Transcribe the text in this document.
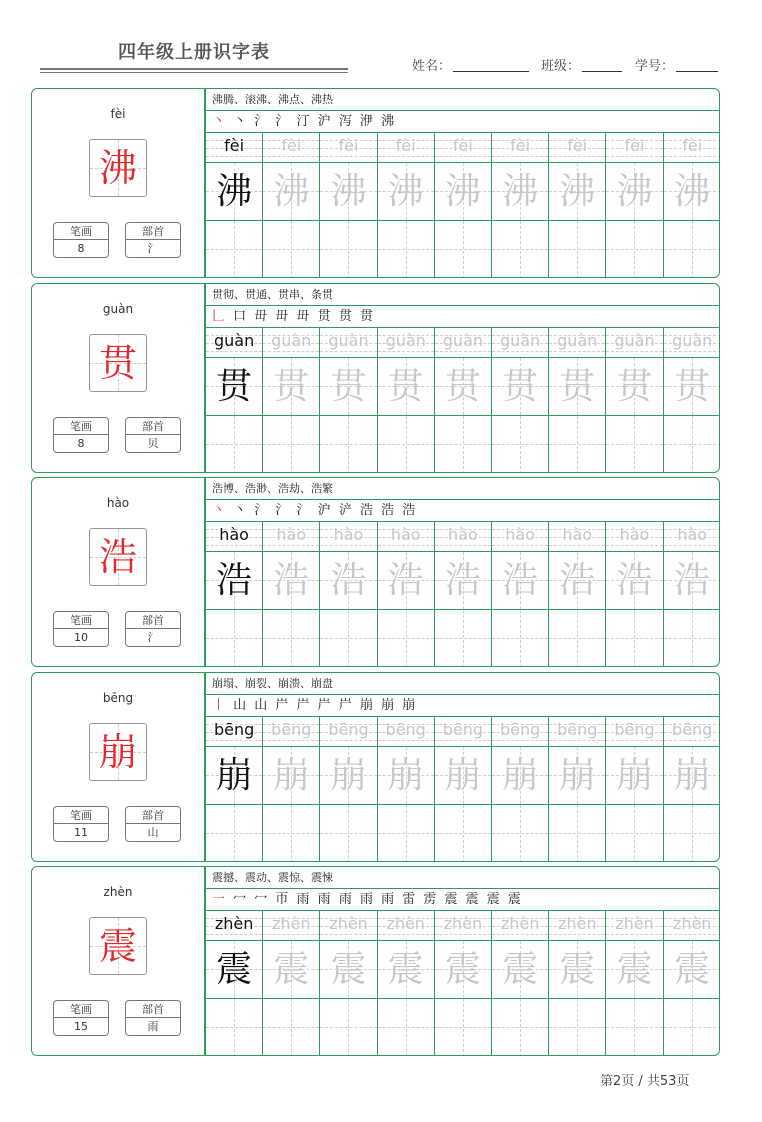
四年级上册识字表
姓名：	班级：	学号：
fèi
沸
笔画
8
部首
氵
沸腾、滚沸、沸点、沸热
丶 丶 氵 氵 汀 沪 泻 洢 沸
fèi
沸
fèi
沸
fèi
沸
fèi
沸
fèi
沸
fèi
沸
fèi
沸
fèi
沸
fèi
沸
guàn
贯
笔画
8
部首
贝
贯彻、贯通、贯串、条贯
𠃊 口 毌 毌 毌 贯 贯 贯
guàn
贯
guàn
贯
guàn
贯
guàn
贯
guàn
贯
guàn
贯
guàn
贯
guàn
贯
guàn
贯
hào
浩
笔画
10
部首
氵
浩博、浩渺、浩劫、浩繁
丶 丶 氵 氵 氵 沪 浐 浩 浩 浩
hào
浩
hào
浩
hào
浩
hào
浩
hào
浩
hào
浩
hào
浩
hào
浩
hào
浩
bēng
崩
笔画
11
部首
山
崩塌、崩裂、崩溃、崩盘
丨 山 山 屵 屵 屵 屵 崩 崩 崩
bēng
崩
bēng
崩
bēng
崩
bēng
崩
bēng
崩
bēng
崩
bēng
崩
bēng
崩
bēng
崩
zhèn
震
笔画
15
部首
雨
震撼、震动、震惊、震悚
一 冖 冖 帀 雨 雨 雨 雨 雨 雷 雳 震 震 震 震
zhèn
震
zhèn
震
zhèn
震
zhèn
震
zhèn
震
zhèn
震
zhèn
震
zhèn
震
zhèn
震
第2页 / 共53页
